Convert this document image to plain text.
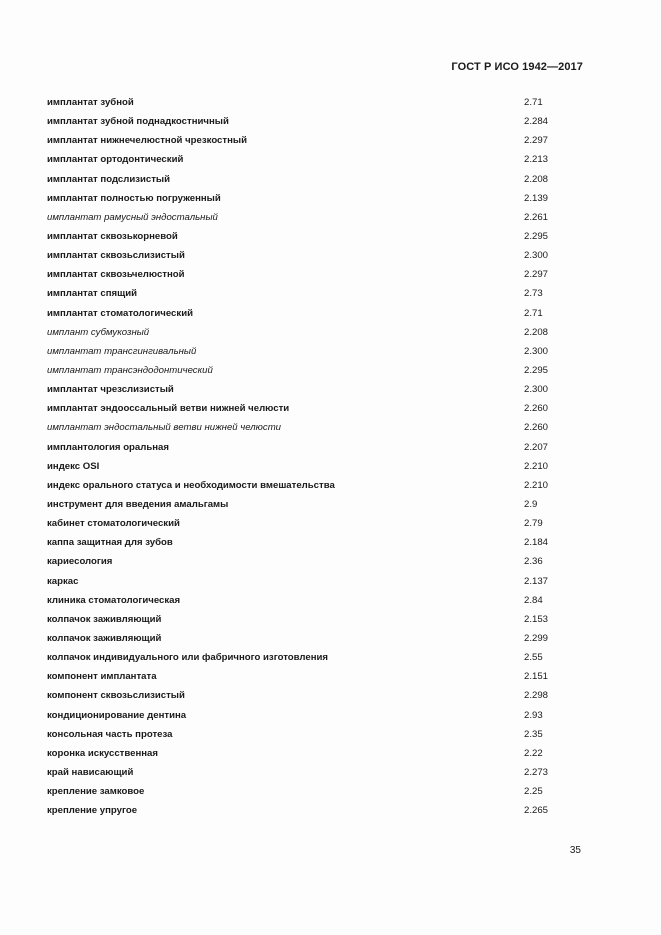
ГОСТ Р ИСО 1942—2017
имплантат зубной	2.71
имплантат зубной поднадкостничный	2.284
имплантат нижнечелюстной чрезкостный	2.297
имплантат ортодонтический	2.213
имплантат подслизистый	2.208
имплантат полностью погруженный	2.139
имплантат рамусный эндостальный	2.261
имплантат сквозькорневой	2.295
имплантат сквозьслизистый	2.300
имплантат сквозьчелюстной	2.297
имплантат спящий	2.73
имплантат стоматологический	2.71
имплант субмукозный	2.208
имплантат трансгингивальный	2.300
имплантат трансэндодонтический	2.295
имплантат чрезслизистый	2.300
имплантат эндооссальный ветви нижней челюсти	2.260
имплантат эндостальный ветви нижней челюсти	2.260
имплантология оральная	2.207
индекс OSI	2.210
индекс орального статуса и необходимости вмешательства	2.210
инструмент для введения амальгамы	2.9
кабинет стоматологический	2.79
каппа защитная для зубов	2.184
кариесология	2.36
каркас	2.137
клиника стоматологическая	2.84
колпачок заживляющий	2.153
колпачок заживляющий	2.299
колпачок индивидуального или фабричного изготовления	2.55
компонент имплантата	2.151
компонент сквозьслизистый	2.298
кондиционирование дентина	2.93
консольная часть протеза	2.35
коронка искусственная	2.22
край нависающий	2.273
крепление замковое	2.25
крепление упругое	2.265
35
